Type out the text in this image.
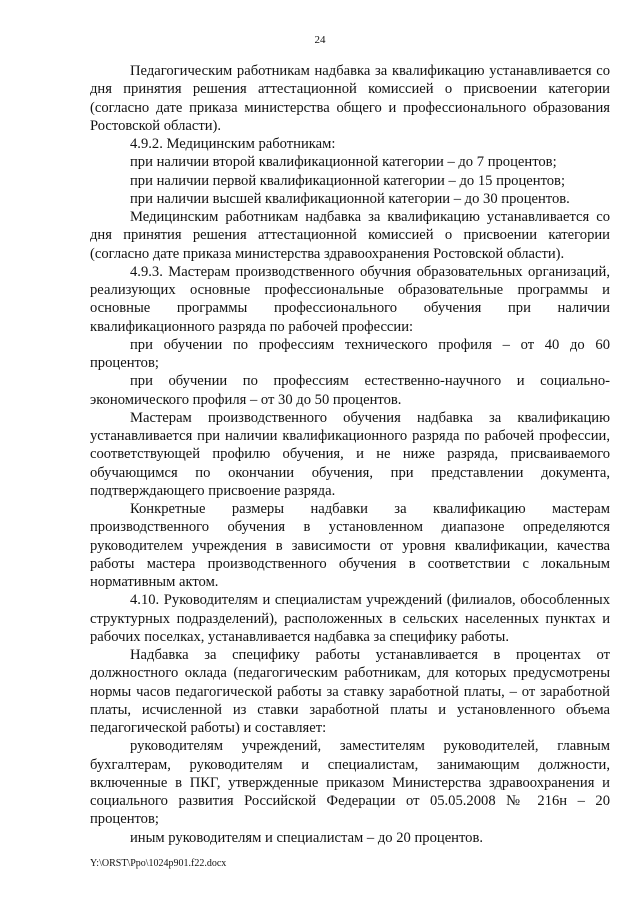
24

Педагогическим работникам надбавка за квалификацию устанавливается со дня принятия решения аттестационной комиссией о присвоении категории (согласно дате приказа министерства общего и профессионального образования Ростовской области).

4.9.2. Медицинским работникам:

при наличии второй квалификационной категории – до 7 процентов;

при наличии первой квалификационной категории – до 15 процентов;

при наличии высшей квалификационной категории – до 30 процентов.

Медицинским работникам надбавка за квалификацию устанавливается со дня принятия решения аттестационной комиссией о присвоении категории (согласно дате приказа министерства здравоохранения Ростовской области).

4.9.3. Мастерам производственного обучния образовательных организаций, реализующих основные профессиональные образовательные программы и основные программы профессионального обучения при наличии квалификационного разряда по рабочей профессии:

при обучении по профессиям технического профиля – от 40 до 60 процентов;

при обучении по профессиям естественно-научного и социально-экономического профиля – от 30 до 50 процентов.

Мастерам производственного обучения надбавка за квалификацию устанавливается при наличии квалификационного разряда по рабочей профессии, соответствующей профилю обучения, и не ниже разряда, присваиваемого обучающимся по окончании обучения, при представлении документа, подтверждающего присвоение разряда.

Конкретные размеры надбавки за квалификацию мастерам производственного обучения в установленном диапазоне определяются руководителем учреждения в зависимости от уровня квалификации, качества работы мастера производственного обучения в соответствии с локальным нормативным актом.

4.10. Руководителям и специалистам учреждений (филиалов, обособленных структурных подразделений), расположенных в сельских населенных пунктах и рабочих поселках, устанавливается надбавка за специфику работы.

Надбавка за специфику работы устанавливается в процентах от должностного оклада (педагогическим работникам, для которых предусмотрены нормы часов педагогической работы за ставку заработной платы, – от заработной платы, исчисленной из ставки заработной платы и установленного объема педагогической работы) и составляет:

руководителям учреждений, заместителям руководителей, главным бухгалтерам, руководителям и специалистам, занимающим должности, включенные в ПКГ, утвержденные приказом Министерства здравоохранения и социального развития Российской Федерации от 05.05.2008 № 216н – 20 процентов;

иным руководителям и специалистам – до 20 процентов.

Y:\ORST\Ppo\1024p901.f22.docx
